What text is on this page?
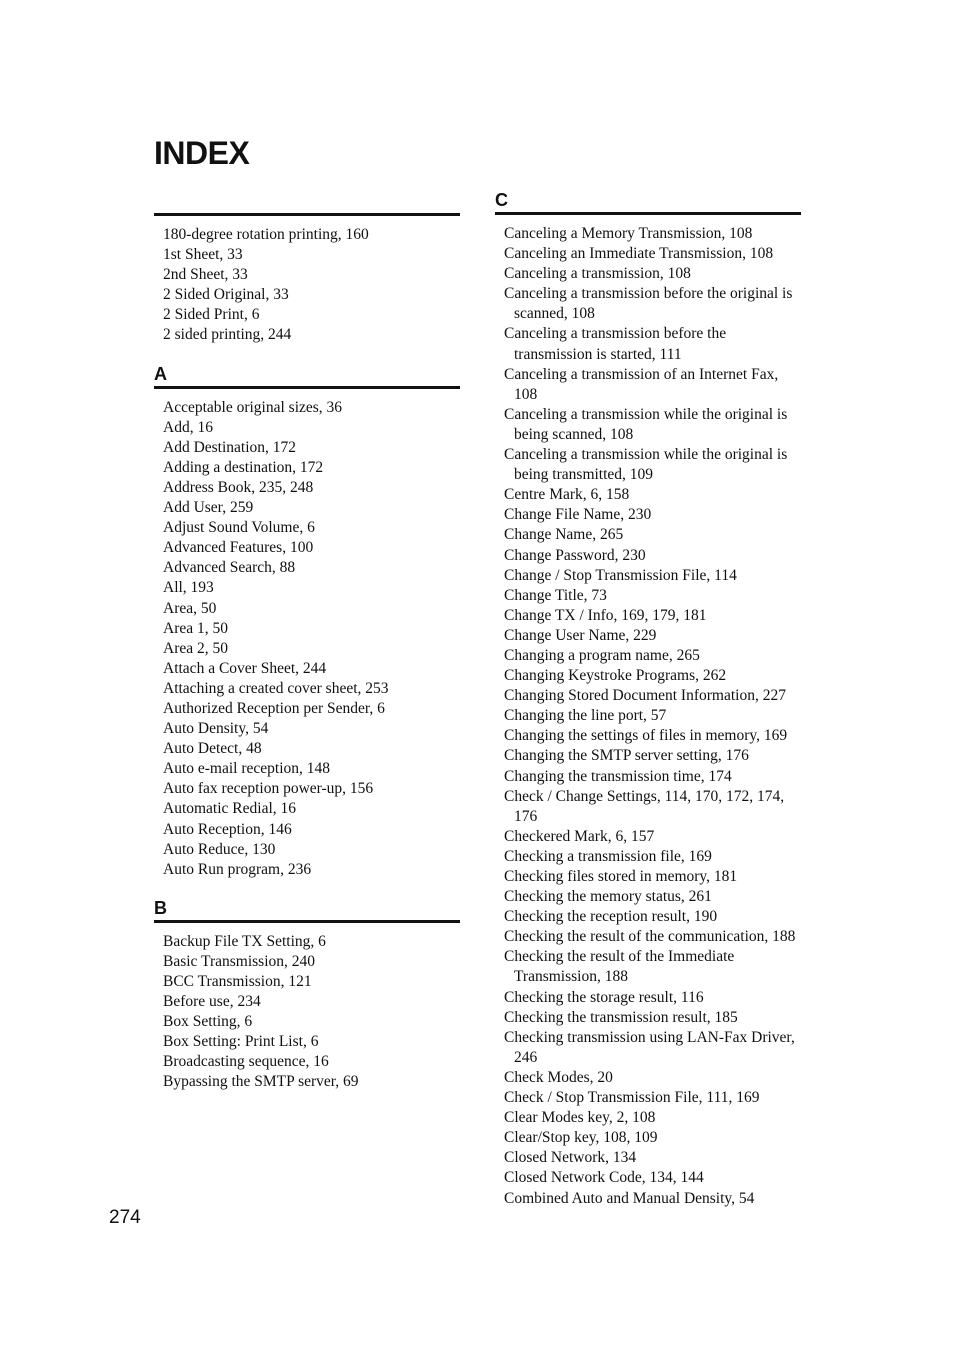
INDEX
180-degree rotation printing, 160
1st Sheet, 33
2nd Sheet, 33
2 Sided Original, 33
2 Sided Print, 6
2 sided printing, 244
A
Acceptable original sizes, 36
Add, 16
Add Destination, 172
Adding a destination, 172
Address Book, 235, 248
Add User, 259
Adjust Sound Volume, 6
Advanced Features, 100
Advanced Search, 88
All, 193
Area, 50
Area 1, 50
Area 2, 50
Attach a Cover Sheet, 244
Attaching a created cover sheet, 253
Authorized Reception per Sender, 6
Auto Density, 54
Auto Detect, 48
Auto e-mail reception, 148
Auto fax reception power-up, 156
Automatic Redial, 16
Auto Reception, 146
Auto Reduce, 130
Auto Run program, 236
B
Backup File TX Setting, 6
Basic Transmission, 240
BCC Transmission, 121
Before use, 234
Box Setting, 6
Box Setting: Print List, 6
Broadcasting sequence, 16
Bypassing the SMTP server, 69
C
Canceling a Memory Transmission, 108
Canceling an Immediate Transmission, 108
Canceling a transmission, 108
Canceling a transmission before the original is scanned, 108
Canceling a transmission before the transmission is started, 111
Canceling a transmission of an Internet Fax, 108
Canceling a transmission while the original is being scanned, 108
Canceling a transmission while the original is being transmitted, 109
Centre Mark, 6, 158
Change File Name, 230
Change Name, 265
Change Password, 230
Change / Stop Transmission File, 114
Change Title, 73
Change TX / Info, 169, 179, 181
Change User Name, 229
Changing a program name, 265
Changing Keystroke Programs, 262
Changing Stored Document Information, 227
Changing the line port, 57
Changing the settings of files in memory, 169
Changing the SMTP server setting, 176
Changing the transmission time, 174
Check / Change Settings, 114, 170, 172, 174, 176
Checkered Mark, 6, 157
Checking a transmission file, 169
Checking files stored in memory, 181
Checking the memory status, 261
Checking the reception result, 190
Checking the result of the communication, 188
Checking the result of the Immediate Transmission, 188
Checking the storage result, 116
Checking the transmission result, 185
Checking transmission using LAN-Fax Driver, 246
Check Modes, 20
Check / Stop Transmission File, 111, 169
Clear Modes key, 2, 108
Clear/Stop key, 108, 109
Closed Network, 134
Closed Network Code, 134, 144
Combined Auto and Manual Density, 54
274
